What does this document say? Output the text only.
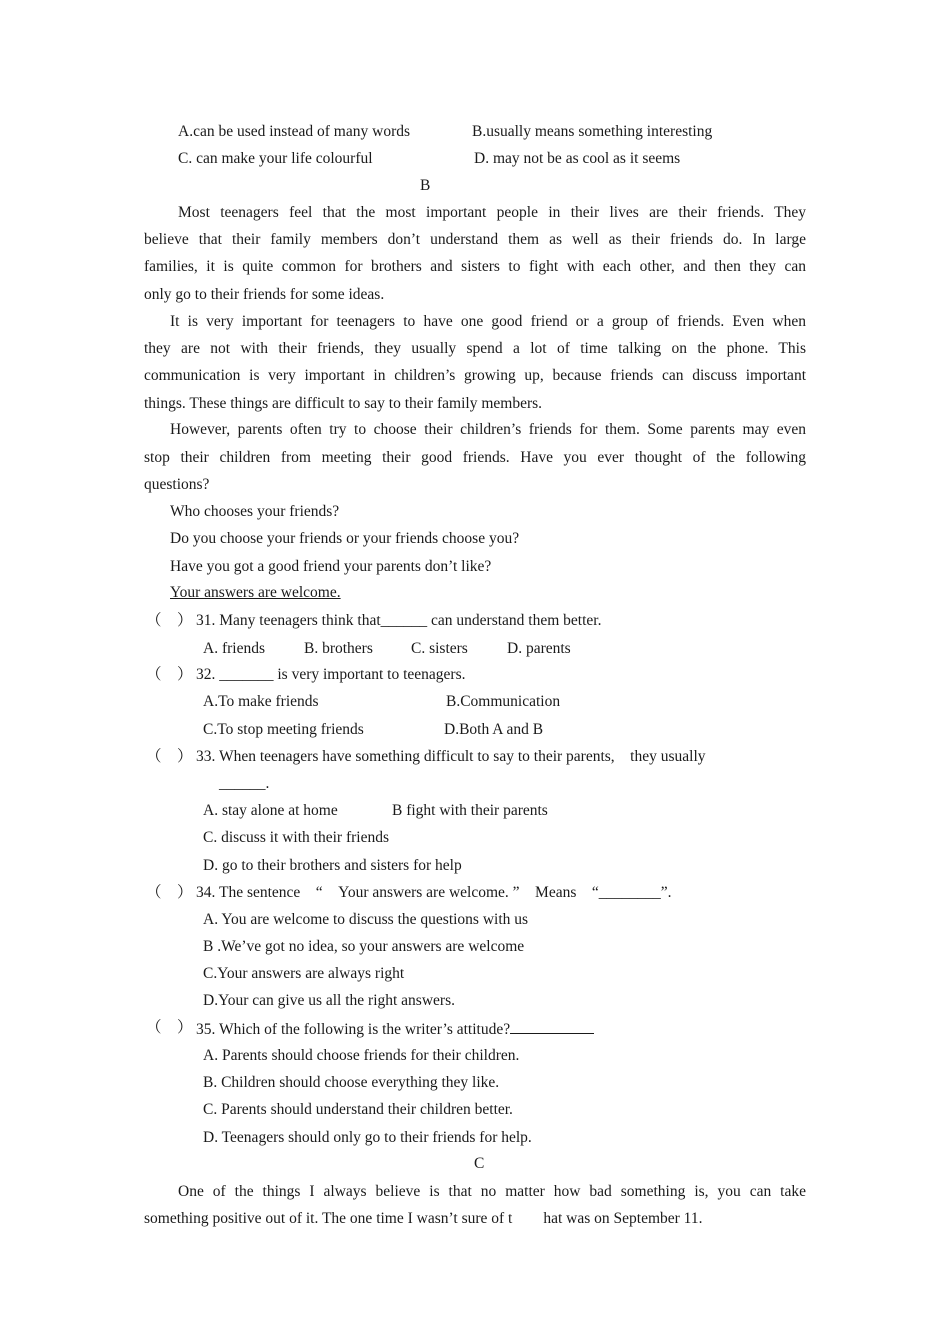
A.can be used instead of many words	B.usually means something interesting
C. can make your life colourful	D. may not be as cool as it seems
B
Most teenagers feel that the most important people in their lives are their friends. They
believe that their family members don’t understand them as well as their friends do. In large
families, it is quite common for brothers and sisters to fight with each other, and then they can
only go to their friends for some ideas.
It is very important for teenagers to have one good friend or a group of friends. Even when
they are not with their friends, they usually spend a lot of time talking on the phone. This
communication is very important in children’s growing up, because friends can discuss important
things. These things are difficult to say to their family members.
However, parents often try to choose their children’s friends for them. Some parents may even
stop their children from meeting their good friends. Have you ever thought of the following
questions?
Who chooses your friends?
Do you choose your friends or your friends choose you?
Have you got a good friend your parents don’t like?
Your answers are welcome.
（　） 31. Many teenagers think that______ can understand them better.
A. friends	B. brothers C. sisters	D. parents
（　） 32. _______ is very important to teenagers.
A.To make friends	B.Communication
C.To stop meeting friends	D.Both A and B
（　） 33. When teenagers have something difficult to say to their parents,　they usually
______.
A. stay alone at home	B fight with their parents
C. discuss it with their friends
D. go to their brothers and sisters for help
（　） 34. The sentence　“　Your answers are welcome. ”　Means　“________”.
A. You are welcome to discuss the questions with us
B .We’ve got no idea, so your answers are welcome
C.Your answers are always right
D.Your can give us all the right answers.
（　） 35. Which of the following is the writer’s attitude?
A. Parents should choose friends for their children.
B. Children should choose everything they like.
C. Parents should understand their children better.
D. Teenagers should only go to their friends for help.
C
One of the things I always believe is that no matter how bad something is, you can take
something positive out of it. The one time I wasn’t sure of t　　hat was on September 11.
